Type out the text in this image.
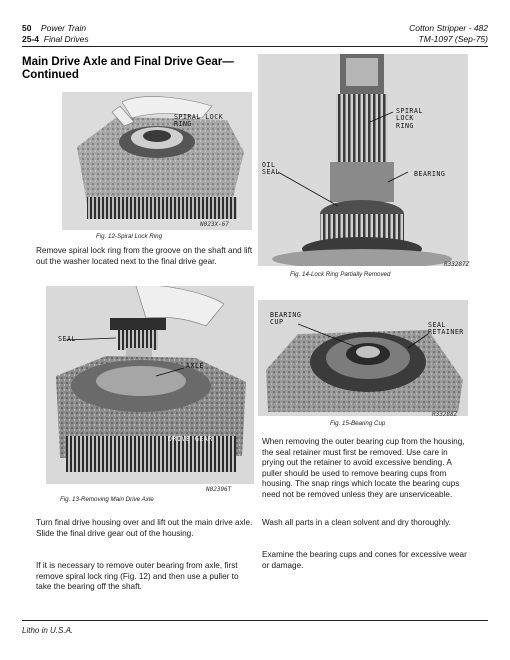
50 Power Train
25-4 Final Drives
Cotton Stripper - 482
TM-1097 (Sep-75)
Main Drive Axle and Final Drive Gear—
Continued
SPIRAL LOCK
RING
N023X-67
Fig. 12-Spiral Lock Ring
Remove spiral lock ring from the groove on the shaft and lift out the washer located next to the final drive gear.
SPIRAL
LOCK
RING
OIL
SEAL	BEARING
R33287Z
Fig. 14-Lock Ring Partially Removed
SEAL
AXLE
DRIVE GEAR
N02396T
Fig. 13-Removing Main Drive Axle
BEARING
CUP	SEAL
RETAINER
R33288Z
Fig. 15-Bearing Cup
When removing the outer bearing cup from the housing, the seal retainer must first be removed. Use care in prying out the retainer to avoid excessive bending. A puller should be used to remove bearing cups from housing. The snap rings which locate the bearing cups need not be removed unless they are unserviceable.
Wash all parts in a clean solvent and dry thoroughly.
Examine the bearing cups and cones for excessive wear or damage.
Turn final drive housing over and lift out the main drive axle. Slide the final drive gear out of the housing.
If it is necessary to remove outer bearing from axle, first remove spiral lock ring (Fig. 12) and then use a puller to take the bearing off the shaft.
Litho in U.S.A.
